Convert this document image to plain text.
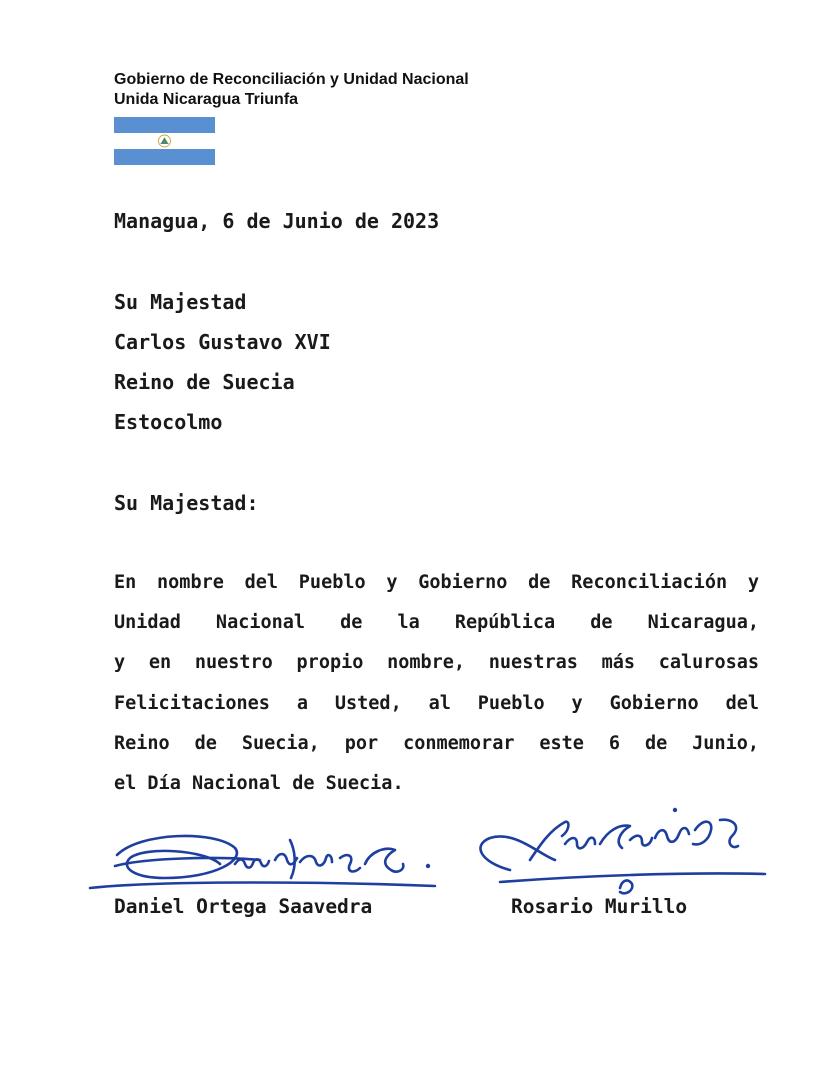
Gobierno de Reconciliación y Unidad Nacional
Unida Nicaragua Triunfa
Managua, 6 de Junio de 2023
Su Majestad
Carlos Gustavo XVI
Reino de Suecia
Estocolmo
Su Majestad:
En nombre del Pueblo y Gobierno de Reconciliación y
Unidad Nacional de la República de Nicaragua,
y en nuestro propio nombre, nuestras más calurosas
Felicitaciones a Usted, al Pueblo y Gobierno del
Reino de Suecia, por conmemorar este 6 de Junio,
el Día Nacional de Suecia.
Daniel Ortega Saavedra	Rosario Murillo
